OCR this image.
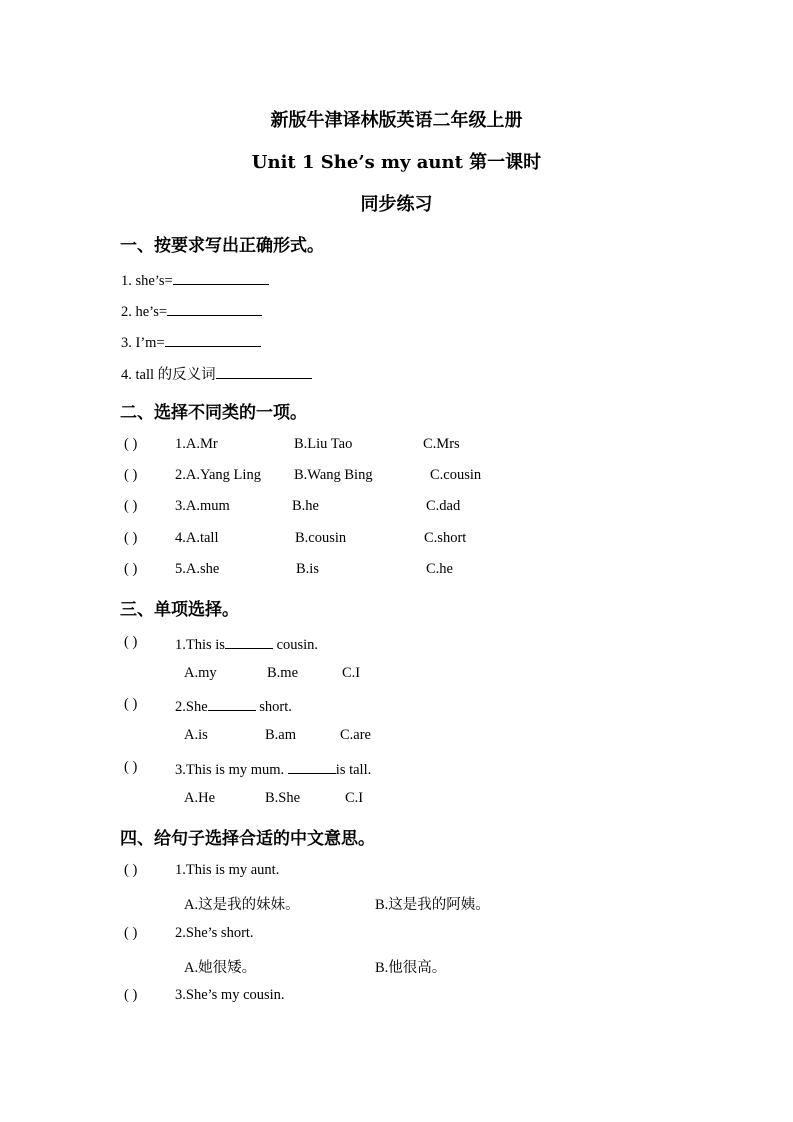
新版牛津译林版英语二年级上册
Unit 1 She’s my aunt 第一课时
同步练习
一、按要求写出正确形式。
1. she’s=
2. he’s=
3. I’m=
4. tall 的反义词
二、选择不同类的一项。
( )	1.A.Mr	B.Liu Tao	C.Mrs
( )	2.A.Yang Ling B.Wang Bing	C.cousin
( )	3.A.mum	B.he	C.dad
( )	4.A.tall	B.cousin	C.short
( )	5.A.she	B.is	C.he
三、单项选择。
( )	1.This is	cousin.
A.my	B.me	C.I
( )	2.She	short.
A.is	B.am	C.are
( )	3.This is my mum.	is tall.
A.He	B.She	C.I
四、给句子选择合适的中文意思。
( )	1.This is my aunt.
A.这是我的妹妹。	B.这是我的阿姨。
( )	2.She’s short.
A.她很矮。	B.他很高。
( )	3.She’s my cousin.
